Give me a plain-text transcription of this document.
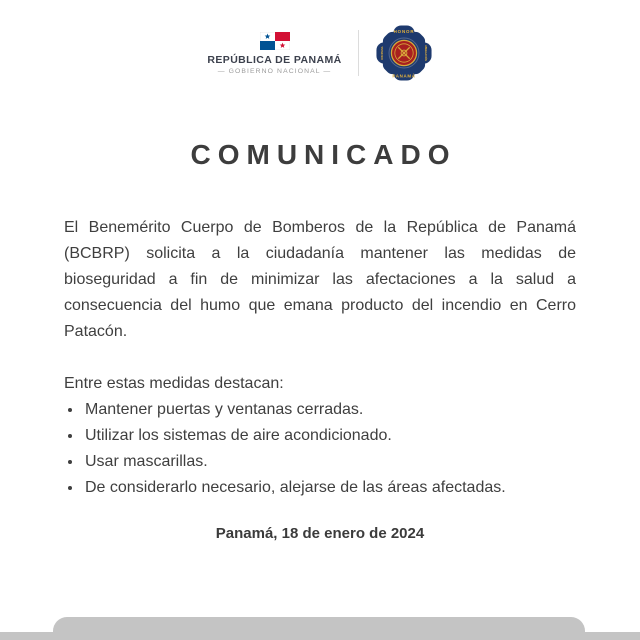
REPÚBLICA DE PANAMÁ
— GOBIERNO NACIONAL —
HONOR
PANAMÁ
DISCIPLINA	ABNEGACIÓN
COMUNICADO

El Benemérito Cuerpo de Bomberos de la República de Panamá (BCBRP) solicita a la ciudadanía mantener las medidas de bioseguridad a fin de minimizar las afectaciones a la salud a consecuencia del humo que emana producto del incendio en Cerro Patacón.

Entre estas medidas destacan:

• Mantener puertas y ventanas cerradas.
• Utilizar los sistemas de aire acondicionado.
• Usar mascarillas.
• De considerarlo necesario, alejarse de las áreas afectadas.

Panamá, 18 de enero de 2024
